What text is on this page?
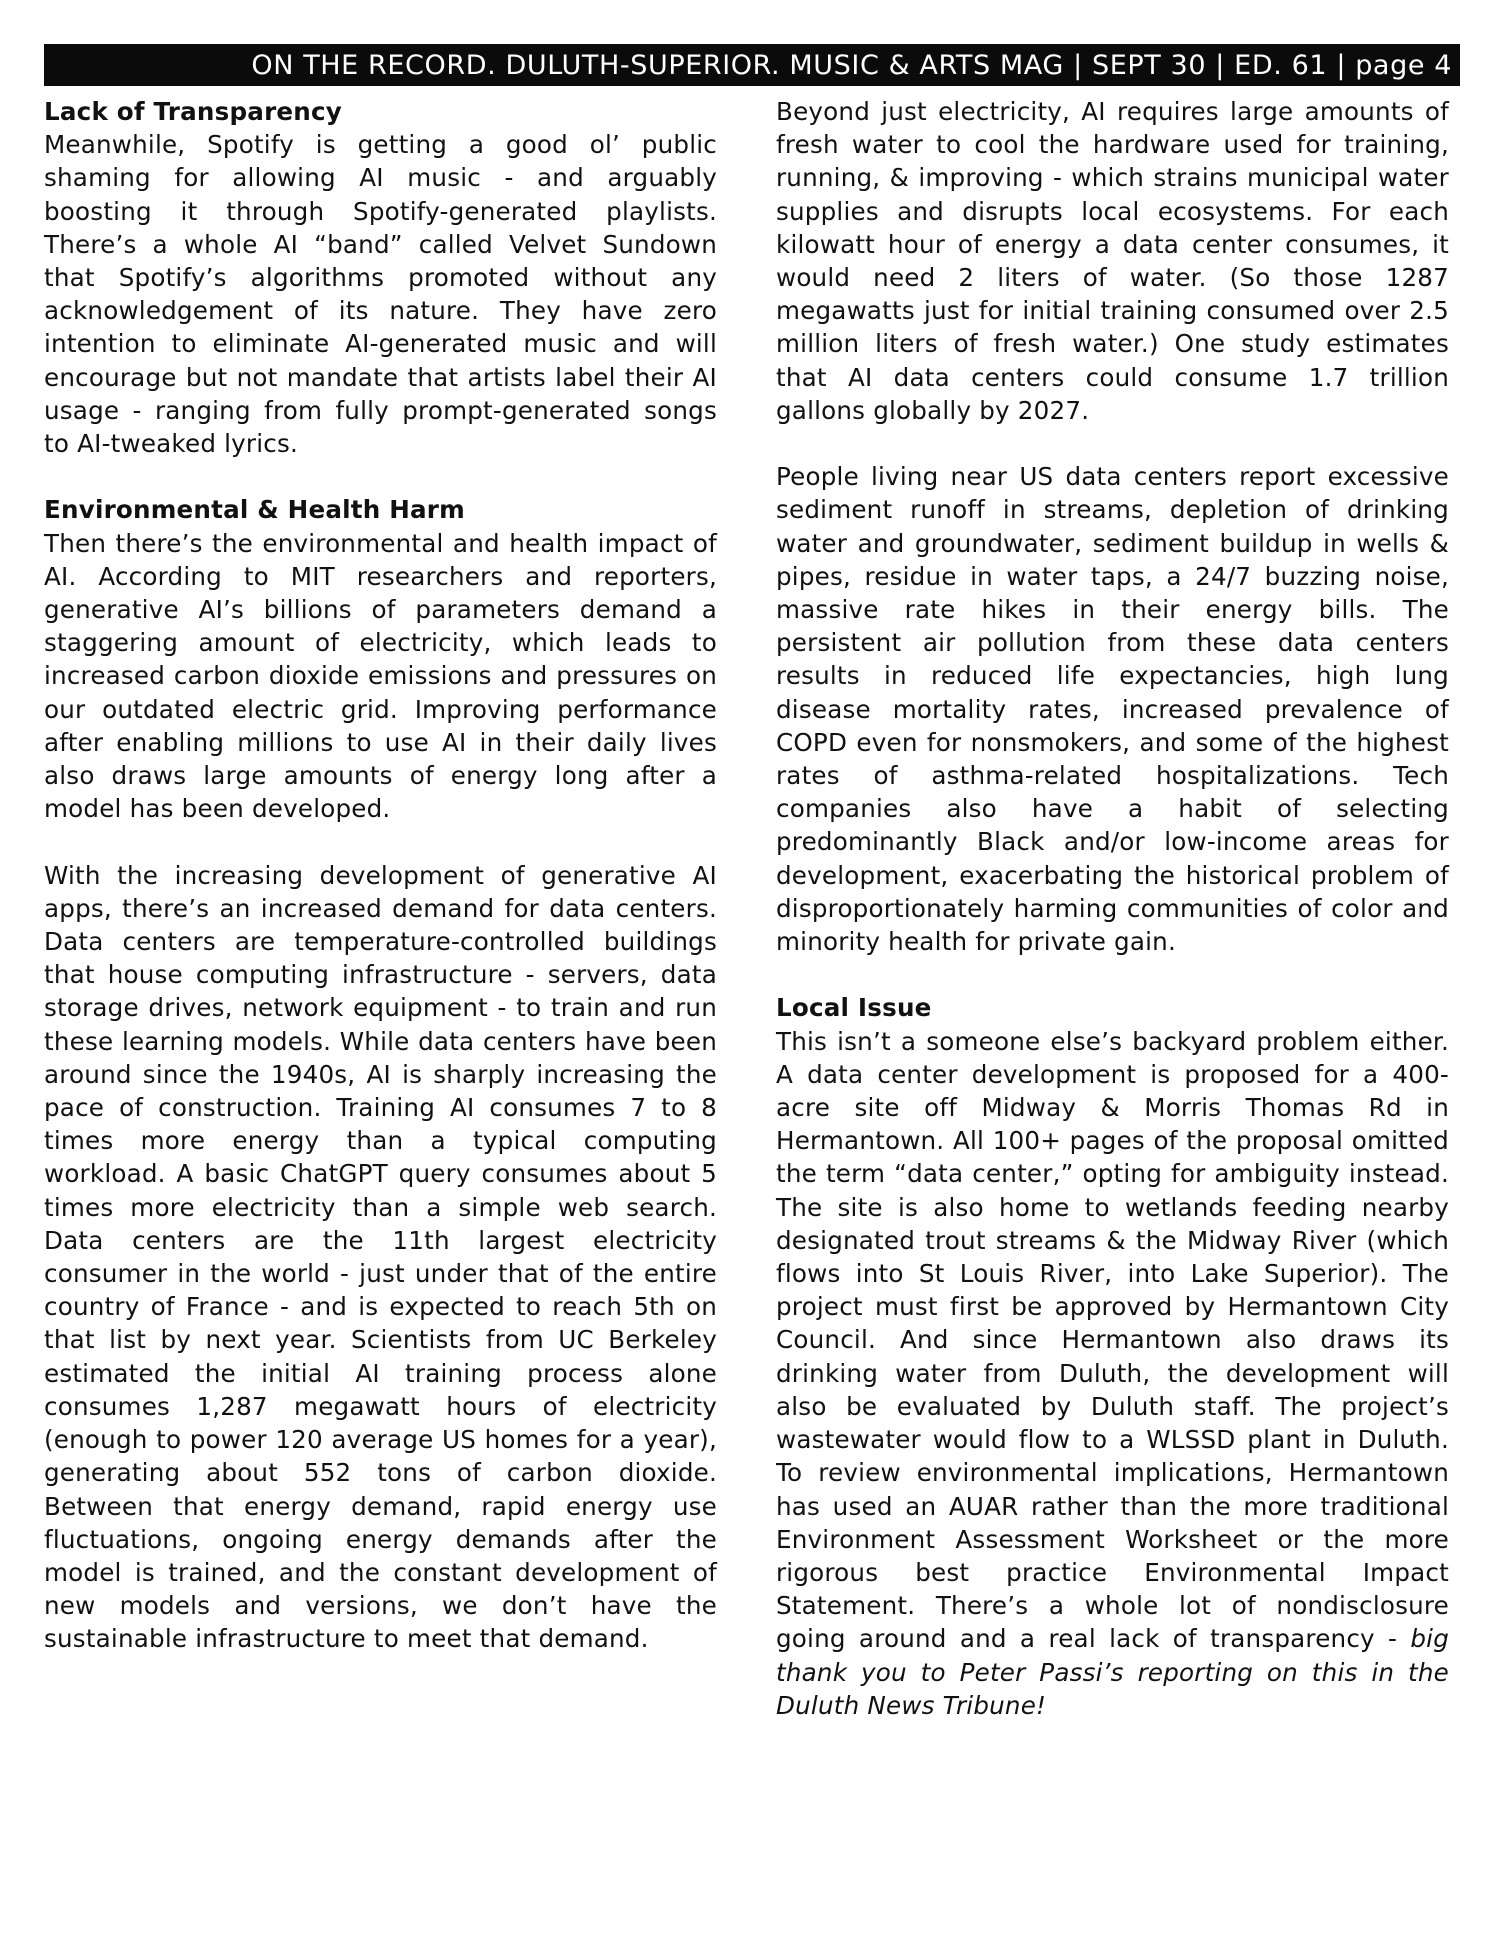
ON THE RECORD. DULUTH-SUPERIOR. MUSIC & ARTS MAG | SEPT 30 | ED. 61 | page 4
Lack of Transparency

Meanwhile, Spotify is getting a good ol’ public shaming for allowing AI music - and arguably boosting it through Spotify-generated playlists. There’s a whole AI “band” called Velvet Sundown that Spotify’s algorithms promoted without any acknowledgement of its nature. They have zero intention to eliminate AI-generated music and will encourage but not mandate that artists label their AI usage - ranging from fully prompt-generated songs to AI-tweaked lyrics.

Environmental & Health Harm

Then there’s the environmental and health impact of AI. According to MIT researchers and reporters, generative AI’s billions of parameters demand a staggering amount of electricity, which leads to increased carbon dioxide emissions and pressures on our outdated electric grid. Improving performance after enabling millions to use AI in their daily lives also draws large amounts of energy long after a model has been developed.

With the increasing development of generative AI apps, there’s an increased demand for data centers. Data centers are temperature-controlled buildings that house computing infrastructure - servers, data storage drives, network equipment - to train and run these learning models. While data centers have been around since the 1940s, AI is sharply increasing the pace of construction. Training AI consumes 7 to 8 times more energy than a typical computing workload. A basic ChatGPT query consumes about 5 times more electricity than a simple web search. Data centers are the 11th largest electricity consumer in the world - just under that of the entire country of France - and is expected to reach 5th on that list by next year. Scientists from UC Berkeley estimated the initial AI training process alone consumes 1,287 megawatt hours of electricity (enough to power 120 average US homes for a year), generating about 552 tons of carbon dioxide. Between that energy demand, rapid energy use fluctuations, ongoing energy demands after the model is trained, and the constant development of new models and versions, we don’t have the sustainable infrastructure to meet that demand.

Beyond just electricity, AI requires large amounts of fresh water to cool the hardware used for training, running, & improving - which strains municipal water supplies and disrupts local ecosystems. For each kilowatt hour of energy a data center consumes, it would need 2 liters of water. (So those 1287 megawatts just for initial training consumed over 2.5 million liters of fresh water.) One study estimates that AI data centers could consume 1.7 trillion gallons globally by 2027.

People living near US data centers report excessive sediment runoff in streams, depletion of drinking water and groundwater, sediment buildup in wells & pipes, residue in water taps, a 24/7 buzzing noise, massive rate hikes in their energy bills. The persistent air pollution from these data centers results in reduced life expectancies, high lung disease mortality rates, increased prevalence of COPD even for nonsmokers, and some of the highest rates of asthma-related hospitalizations. Tech companies also have a habit of selecting predominantly Black and/or low-income areas for development, exacerbating the historical problem of disproportionately harming communities of color and minority health for private gain.

Local Issue

This isn’t a someone else’s backyard problem either. A data center development is proposed for a 400-acre site off Midway & Morris Thomas Rd in Hermantown. All 100+ pages of the proposal omitted the term “data center,” opting for ambiguity instead. The site is also home to wetlands feeding nearby designated trout streams & the Midway River (which flows into St Louis River, into Lake Superior). The project must first be approved by Hermantown City Council. And since Hermantown also draws its drinking water from Duluth, the development will also be evaluated by Duluth staff. The project’s wastewater would flow to a WLSSD plant in Duluth. To review environmental implications, Hermantown has used an AUAR rather than the more traditional Environment Assessment Worksheet or the more rigorous best practice Environmental Impact Statement. There’s a whole lot of nondisclosure going around and a real lack of transparency - big thank you to Peter Passi’s reporting on this in the Duluth News Tribune!
